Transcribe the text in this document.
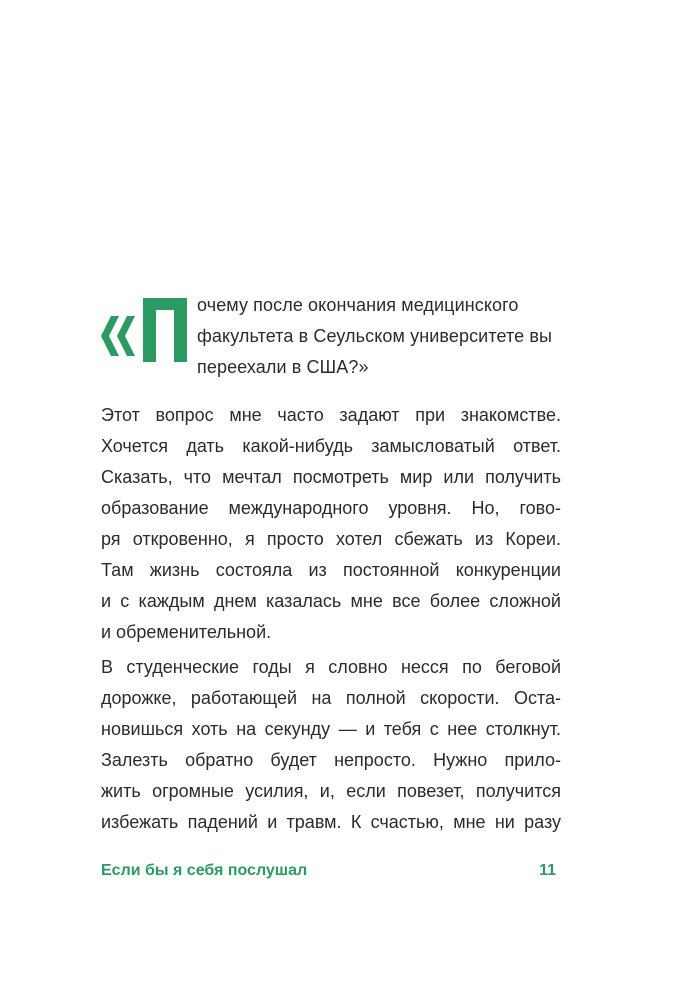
очему после окончания медицинского
факультета в Сеульском университете вы
переехали в США?»
Этот вопрос мне часто задают при знакомстве.
Хочется дать какой-нибудь замысловатый ответ.
Сказать, что мечтал посмотреть мир или получить
образование международного уровня. Но, гово-
ря откровенно, я просто хотел сбежать из Кореи.
Там жизнь состояла из постоянной конкуренции
и с каждым днем казалась мне все более сложной
и обременительной.
В студенческие годы я словно несся по беговой
дорожке, работающей на полной скорости. Оста-
новишься хоть на секунду — и тебя с нее столкнут.
Залезть обратно будет непросто. Нужно прило-
жить огромные усилия, и, если повезет, получится
избежать падений и травм. К счастью, мне ни разу
Если бы я себя послушал	11
